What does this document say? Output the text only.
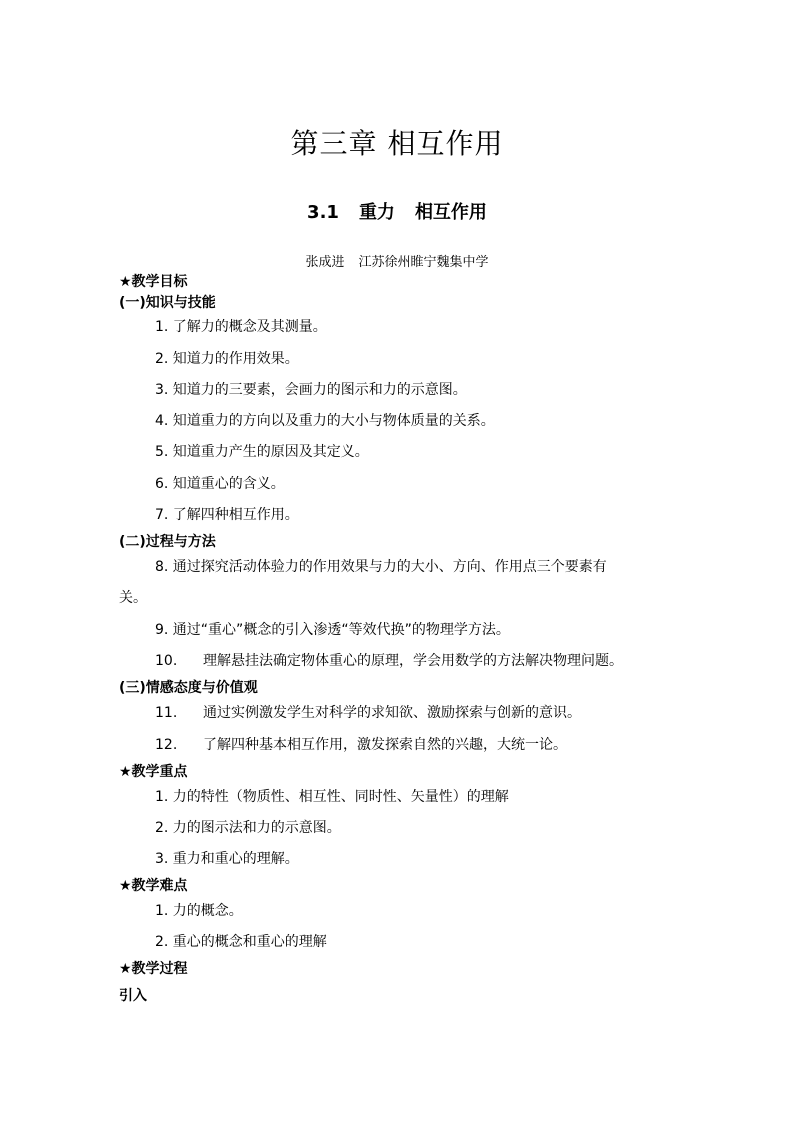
第三章 相互作用
3.1 重力 相互作用
张成进 江苏徐州睢宁魏集中学
★教学目标
(一)知识与技能
1. 了解力的概念及其测量。
2. 知道力的作用效果。
3. 知道力的三要素，会画力的图示和力的示意图。
4. 知道重力的方向以及重力的大小与物体质量的关系。
5. 知道重力产生的原因及其定义。
6. 知道重心的含义。
7. 了解四种相互作用。
(二)过程与方法
8. 通过探究活动体验力的作用效果与力的大小、方向、作用点三个要素有
关。
9. 通过“重心”概念的引入渗透“等效代换”的物理学方法。
10. 理解悬挂法确定物体重心的原理，学会用数学的方法解决物理问题。
(三)情感态度与价值观
11. 通过实例激发学生对科学的求知欲、激励探索与创新的意识。
12. 了解四种基本相互作用，激发探索自然的兴趣，大统一论。
★教学重点
1. 力的特性（物质性、相互性、同时性、矢量性）的理解
2. 力的图示法和力的示意图。
3. 重力和重心的理解。
★教学难点
1. 力的概念。
2. 重心的概念和重心的理解
★教学过程
引入
